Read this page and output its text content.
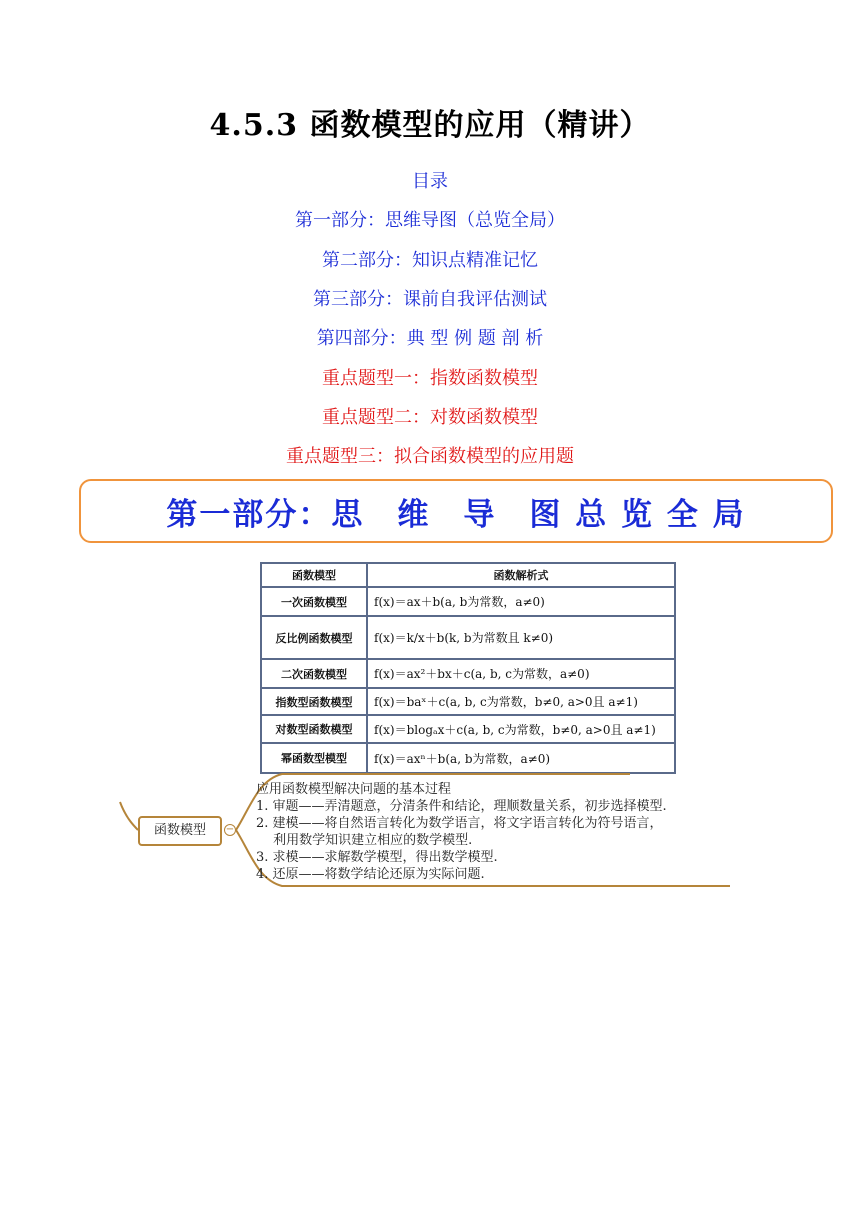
4.5.3 函数模型的应用（精讲）
目录
第一部分：思维导图（总览全局）
第二部分：知识点精准记忆
第三部分：课前自我评估测试
第四部分：典 型 例 题 剖 析
重点题型一：指数函数模型
重点题型二：对数函数模型
重点题型三：拟合函数模型的应用题
第一部分：思　维　导　图 总 览 全 局
函数模型	函数解析式
一次函数模型	f(x)＝ax＋b(a, b为常数，a≠0)
反比例函数模型	f(x)＝k/x＋b(k, b为常数且 k≠0)
二次函数模型	f(x)＝ax²＋bx＋c(a, b, c为常数，a≠0)
指数型函数模型	f(x)＝baˣ＋c(a, b, c为常数，b≠0, a>0且 a≠1)
对数型函数模型	f(x)＝blogₐx＋c(a, b, c为常数，b≠0, a>0且 a≠1)
幂函数型模型	f(x)＝axⁿ＋b(a, b为常数，a≠0)
函数模型	−
应用函数模型解决问题的基本过程
1. 审题——弄清题意，分清条件和结论，理顺数量关系，初步选择模型.
2. 建模——将自然语言转化为数学语言，将文字语言转化为符号语言，
　 利用数学知识建立相应的数学模型.
3. 求模——求解数学模型，得出数学模型.
4. 还原——将数学结论还原为实际问题.
